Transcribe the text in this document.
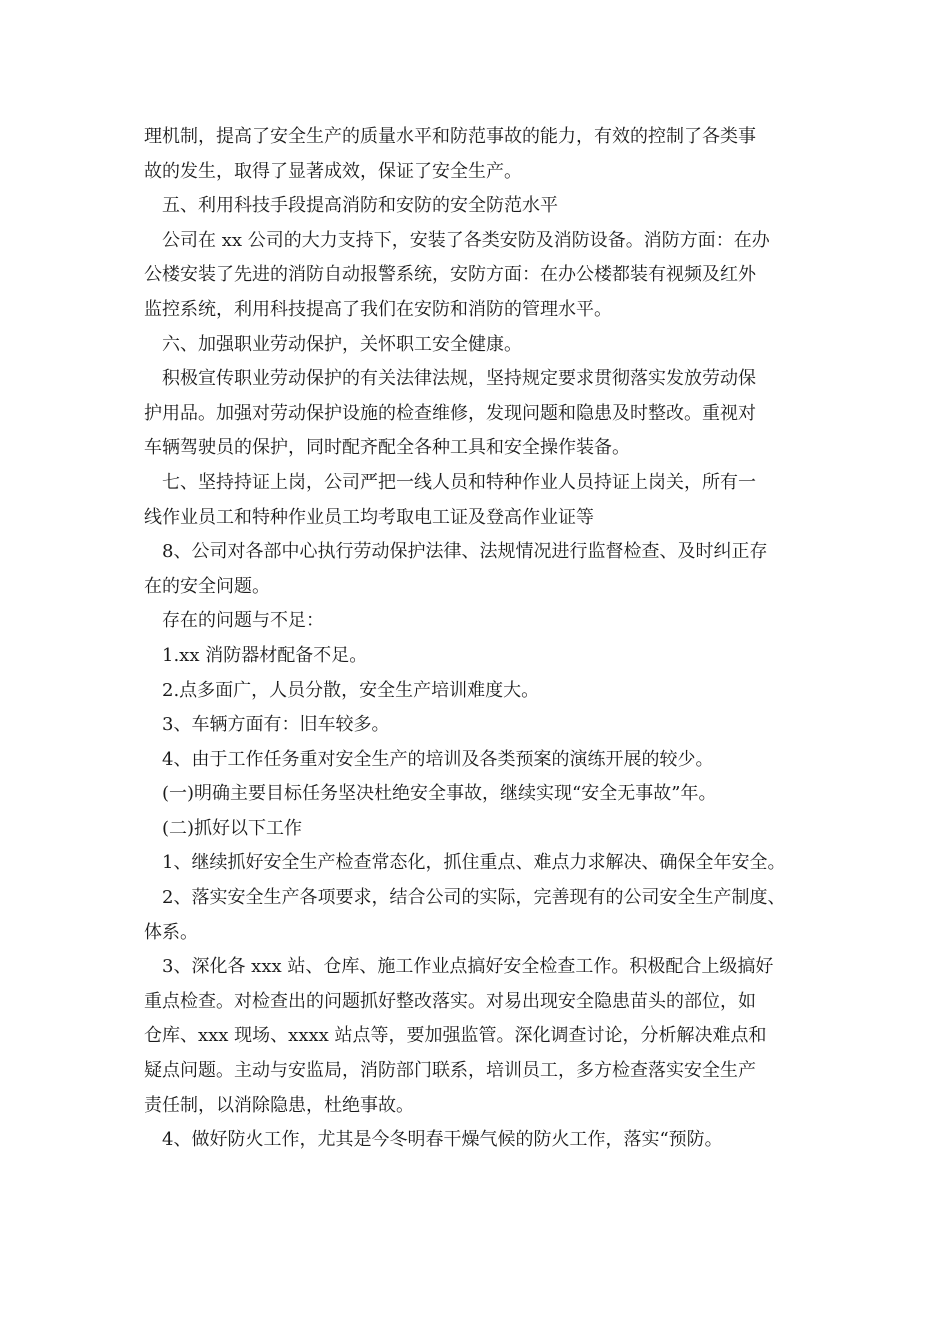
理机制，提高了安全生产的质量水平和防范事故的能力，有效的控制了各类事
故的发生，取得了显著成效，保证了安全生产。
五、利用科技手段提高消防和安防的安全防范水平
公司在 xx 公司的大力支持下，安装了各类安防及消防设备。消防方面：在办
公楼安装了先进的消防自动报警系统，安防方面：在办公楼都装有视频及红外
监控系统，利用科技提高了我们在安防和消防的管理水平。
六、加强职业劳动保护，关怀职工安全健康。
积极宣传职业劳动保护的有关法律法规，坚持规定要求贯彻落实发放劳动保
护用品。加强对劳动保护设施的检查维修，发现问题和隐患及时整改。重视对
车辆驾驶员的保护，同时配齐配全各种工具和安全操作装备。
七、坚持持证上岗，公司严把一线人员和特种作业人员持证上岗关，所有一
线作业员工和特种作业员工均考取电工证及登高作业证等
8、公司对各部中心执行劳动保护法律、法规情况进行监督检查、及时纠正存
在的安全问题。
存在的问题与不足：
1.xx 消防器材配备不足。
2.点多面广，人员分散，安全生产培训难度大。
3、车辆方面有：旧车较多。
4、由于工作任务重对安全生产的培训及各类预案的演练开展的较少。
(一)明确主要目标任务坚决杜绝安全事故，继续实现“安全无事故”年。
(二)抓好以下工作
1、继续抓好安全生产检查常态化，抓住重点、难点力求解决、确保全年安全。
2、落实安全生产各项要求，结合公司的实际，完善现有的公司安全生产制度、
体系。
3、深化各 xxx 站、仓库、施工作业点搞好安全检查工作。积极配合上级搞好
重点检查。对检查出的问题抓好整改落实。对易出现安全隐患苗头的部位，如
仓库、xxx 现场、xxxx 站点等，要加强监管。深化调查讨论，分析解决难点和
疑点问题。主动与安监局，消防部门联系，培训员工，多方检查落实安全生产
责任制，以消除隐患，杜绝事故。
4、做好防火工作，尤其是今冬明春干燥气候的防火工作，落实“预防。
